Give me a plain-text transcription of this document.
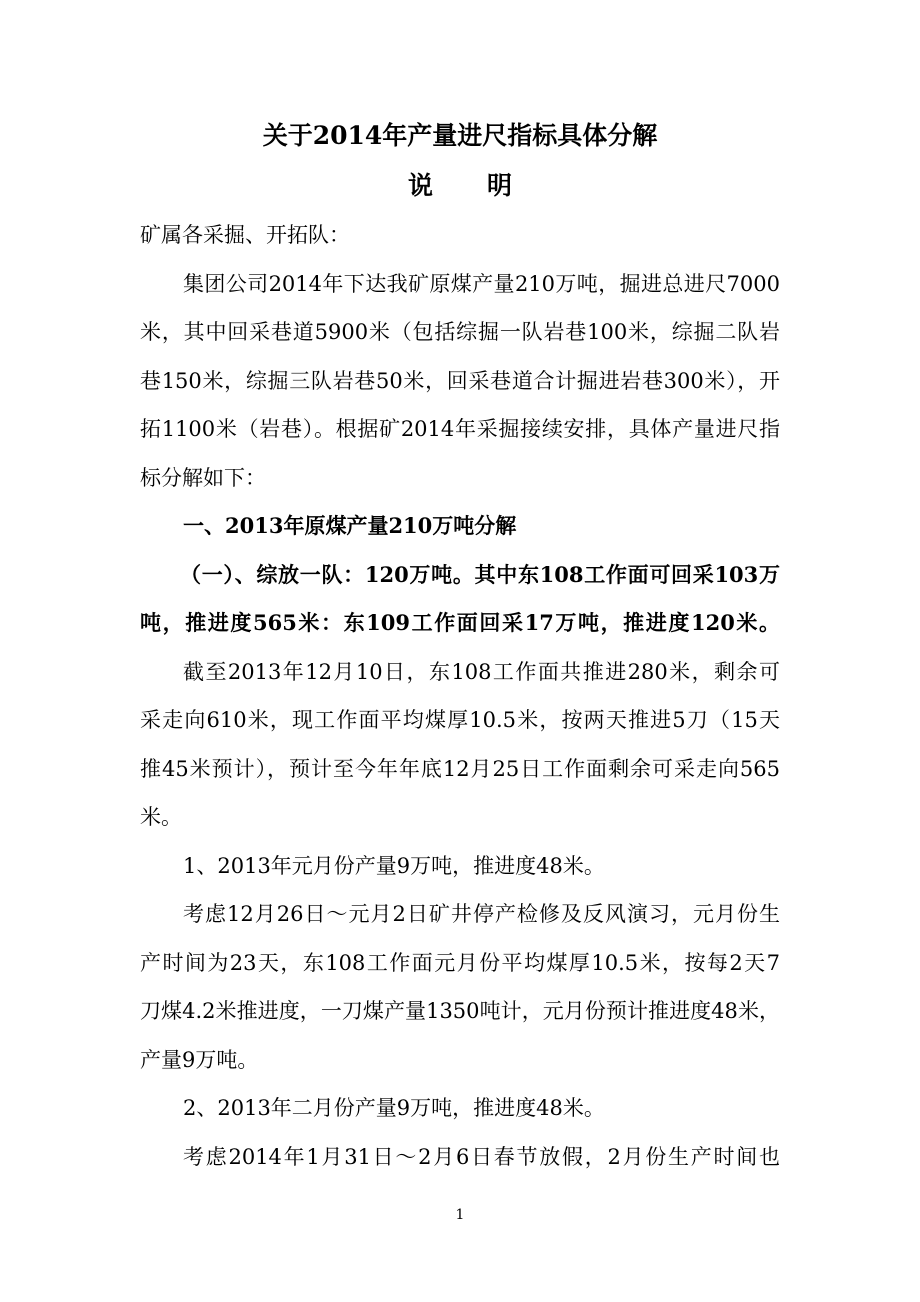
关于2014年产量进尺指标具体分解
说 明
矿属各采掘、开拓队：
集团公司2014年下达我矿原煤产量210万吨，掘进总进尺7000
米，其中回采巷道5900米（包括综掘一队岩巷100米，综掘二队岩
巷150米，综掘三队岩巷50米，回采巷道合计掘进岩巷300米），开
拓1100米（岩巷）。根据矿2014年采掘接续安排，具体产量进尺指
标分解如下：
一、2013年原煤产量210万吨分解
（一）、综放一队：120万吨。其中东108工作面可回采103万
吨，推进度565米：东109工作面回采17万吨，推进度120米。
截至2013年12月10日，东108工作面共推进280米，剩余可
采走向610米，现工作面平均煤厚10.5米，按两天推进5刀（15天
推45米预计），预计至今年年底12月25日工作面剩余可采走向565
米。
1、2013年元月份产量9万吨，推进度48米。
考虑12月26日～元月2日矿井停产检修及反风演习，元月份生
产时间为23天，东108工作面元月份平均煤厚10.5米，按每2天7
刀煤4.2米推进度，一刀煤产量1350吨计，元月份预计推进度48米，
产量9万吨。
2、2013年二月份产量9万吨，推进度48米。
考虑2014年1月31日～2月6日春节放假，2月份生产时间也
1
